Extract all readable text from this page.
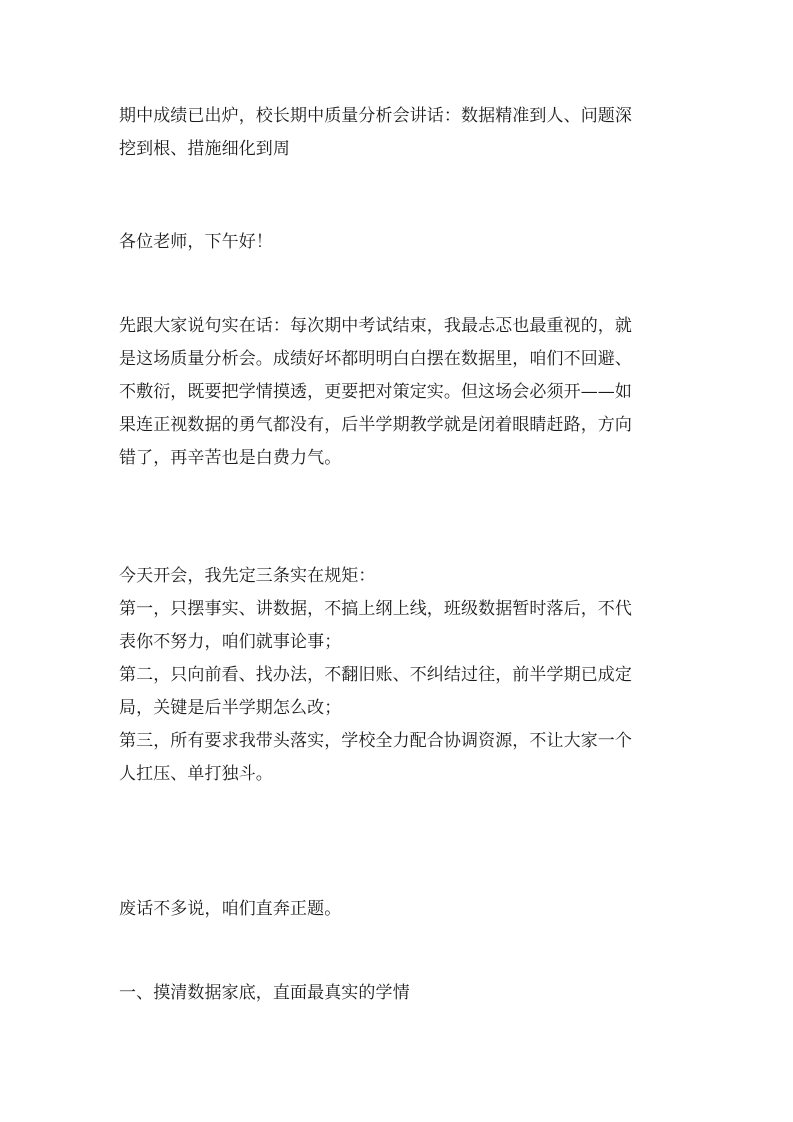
期中成绩已出炉，校长期中质量分析会讲话：数据精准到人、问题深
挖到根、措施细化到周
各位老师，下午好！
先跟大家说句实在话：每次期中考试结束，我最忐忑也最重视的，就
是这场质量分析会。成绩好坏都明明白白摆在数据里，咱们不回避、
不敷衍，既要把学情摸透，更要把对策定实。但这场会必须开——如
果连正视数据的勇气都没有，后半学期教学就是闭着眼睛赶路，方向
错了，再辛苦也是白费力气。
今天开会，我先定三条实在规矩：
第一，只摆事实、讲数据，不搞上纲上线，班级数据暂时落后，不代
表你不努力，咱们就事论事；
第二，只向前看、找办法，不翻旧账、不纠结过往，前半学期已成定
局，关键是后半学期怎么改；
第三，所有要求我带头落实，学校全力配合协调资源，不让大家一个
人扛压、单打独斗。
废话不多说，咱们直奔正题。
一、摸清数据家底，直面最真实的学情
